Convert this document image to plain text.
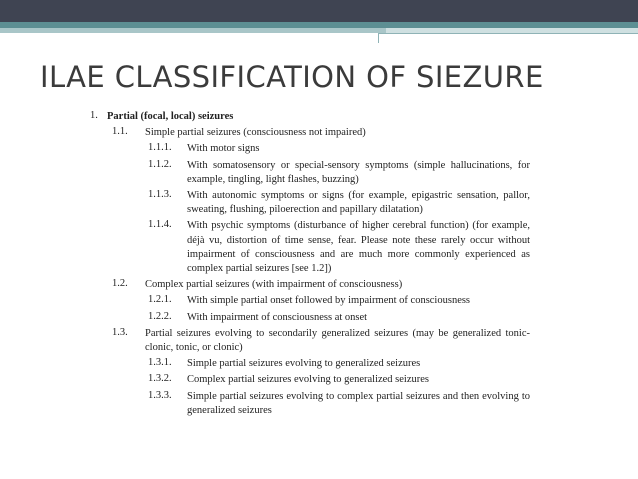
ILAE CLASSIFICATION OF SIEZURE
1. Partial (focal, local) seizures
1.1. Simple partial seizures (consciousness not impaired)
1.1.1. With motor signs
1.1.2. With somatosensory or special-sensory symptoms (simple hallucinations, for example, tingling, light flashes, buzzing)
1.1.3. With autonomic symptoms or signs (for example, epigastric sensation, pallor, sweating, flushing, piloerection and papillary dilatation)
1.1.4. With psychic symptoms (disturbance of higher cerebral function) (for example, déjà vu, distortion of time sense, fear. Please note these rarely occur without impairment of consciousness and are much more commonly experienced as complex partial seizures [see 1.2])
1.2. Complex partial seizures (with impairment of consciousness)
1.2.1. With simple partial onset followed by impairment of consciousness
1.2.2. With impairment of consciousness at onset
1.3. Partial seizures evolving to secondarily generalized seizures (may be generalized tonic-clonic, tonic, or clonic)
1.3.1. Simple partial seizures evolving to generalized seizures
1.3.2. Complex partial seizures evolving to generalized seizures
1.3.3. Simple partial seizures evolving to complex partial seizures and then evolving to generalized seizures
